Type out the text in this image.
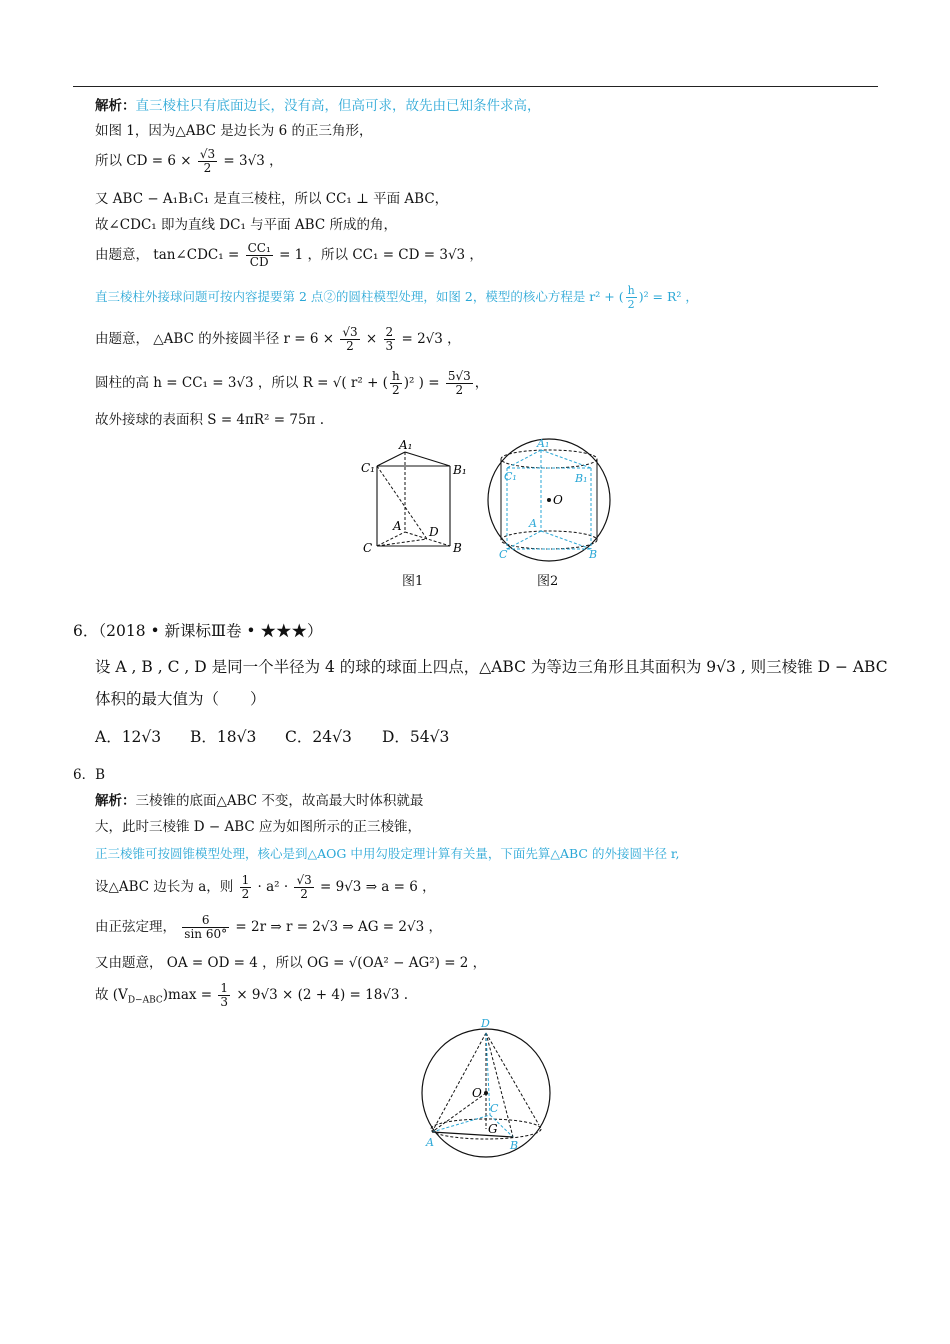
解析：直三棱柱只有底面边长，没有高，但高可求，故先由已知条件求高，
如图 1，因为△ABC 是边长为 6 的正三角形，
所以 CD = $6 \times \frac{√3}{2} = 3√3$ ，
又 ABC − A₁B₁C₁ 是直三棱柱，所以 CC₁ ⊥ 平面 ABC，
故∠CDC₁ 即为直线 DC₁ 与平面 ABC 所成的角，
由题意， tan∠CDC₁ = $\frac{\text{CC₁}}{CD} = 1$ ，所以 CC₁ = CD = 3√3 ，
直三棱柱外接球问题可按内容提要第 2 点②的圆柱模型处理，如图 2，模型的核心方程是 r² + ( $\frac{h}{2} )^2 = R^2$ ，
由题意， △ABC 的外接圆半径 $r = 6 \times \frac{√3}{2} \times \frac{2}{3} = 2√3$ ，
圆柱的高 h = CC₁ = 3√3 ，所以 R = √( r² + ( $\frac{h}{2} )^2$ ) = $\frac{5√3}{2}$ ，
故外接球的表面积 S = 4πR² = 75π .
A₁
C₁	B₁
A D
C	B
图1
O
A₁
C₁	B₁
A
C	B
图2
6．（2018 • 新课标Ⅲ卷 • ★★★）
设 A , B , C , D 是同一个半径为 4 的球的球面上四点，△ABC 为等边三角形且其面积为 9√3 , 则三棱锥 D − ABC
体积的最大值为（　　）
A．12√3 B．18√3 C．24√3 D．54√3
6．B
解析：三棱锥的底面△ABC 不变，故高最大时体积就最
大，此时三棱锥 D − ABC 应为如图所示的正三棱锥，
正三棱锥可按圆锥模型处理，核心是到△AOG 中用勾股定理计算有关量，下面先算△ABC 的外接圆半径 r,
设△ABC 边长为 a，则 $\frac{1}{2} \cdot a^2 \cdot \frac{√3}{2} = 9√3$ ⇒ a = 6 ，
由正弦定理， $\frac{6}{\sin 60^\circ} = 2r$ ⇒ r = 2√3 ⇒ AG = 2√3 ，
又由题意， OA = OD = 4 ，所以 OG = √(OA² − AG²) = 2 ，
故 $(V_{D-ABC})\max = \frac{1}{3} \times 9√3 \times (2 + 4) = 18√3$ .
D
O
C
G
A	B
